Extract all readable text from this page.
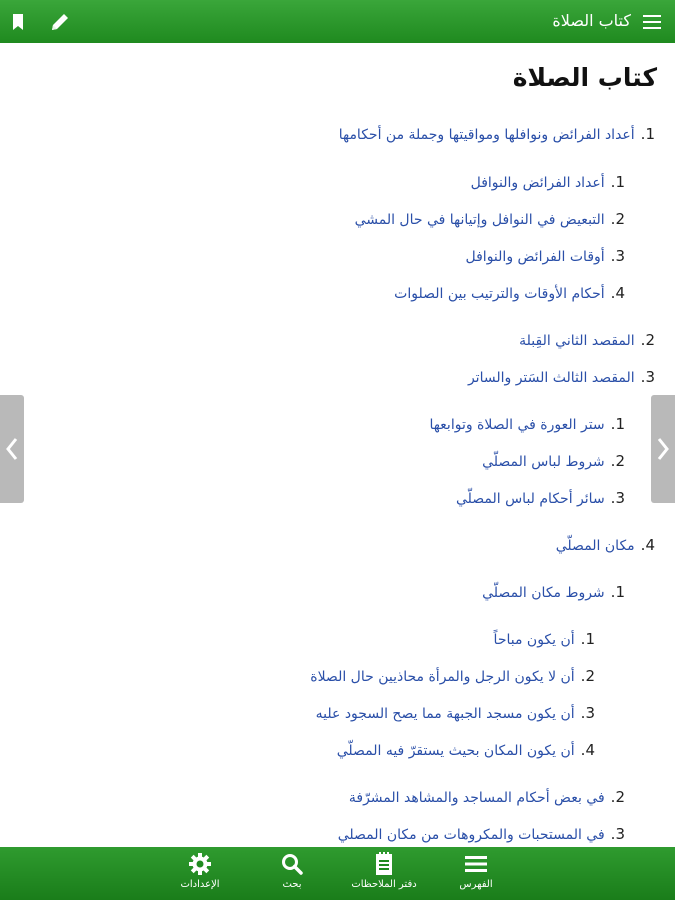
كتاب الصلاة
كتاب الصلاة
1.
أعداد الفرائض ونوافلها ومواقيتها وجملة من أحكامها
1.
أعداد الفرائض والنوافل
2.
التبعيض في النوافل وإتيانها في حال المشي
3.
أوقات الفرائض والنوافل
4.
أحكام الأوقات والترتيب بين الصلوات
2.
المقصد الثاني القِبلة
3.
المقصد الثالث السَتر والساتر
1.
ستر العورة في الصلاة وتوابعها
2.
شروط لباس المصلّي
3.
سائر أحكام لباس المصلّي
4.
مكان المصلّي
1.
شروط مكان المصلّي
1.
أن يكون مباحاً
2.
أن لا يكون الرجل والمرأة محاذيين حال الصلاة
3.
أن يكون مسجد الجبهة مما يصح السجود عليه
4.
أن يكون المكان بحيث يستقرّ فيه المصلّي
2.
في بعض أحكام المساجد والمشاهد المشرّفة
3.
في المستحبات والمكروهات من مكان المصلي
الفهرس
دفتر الملاحظات
بحث
الإعدادات
